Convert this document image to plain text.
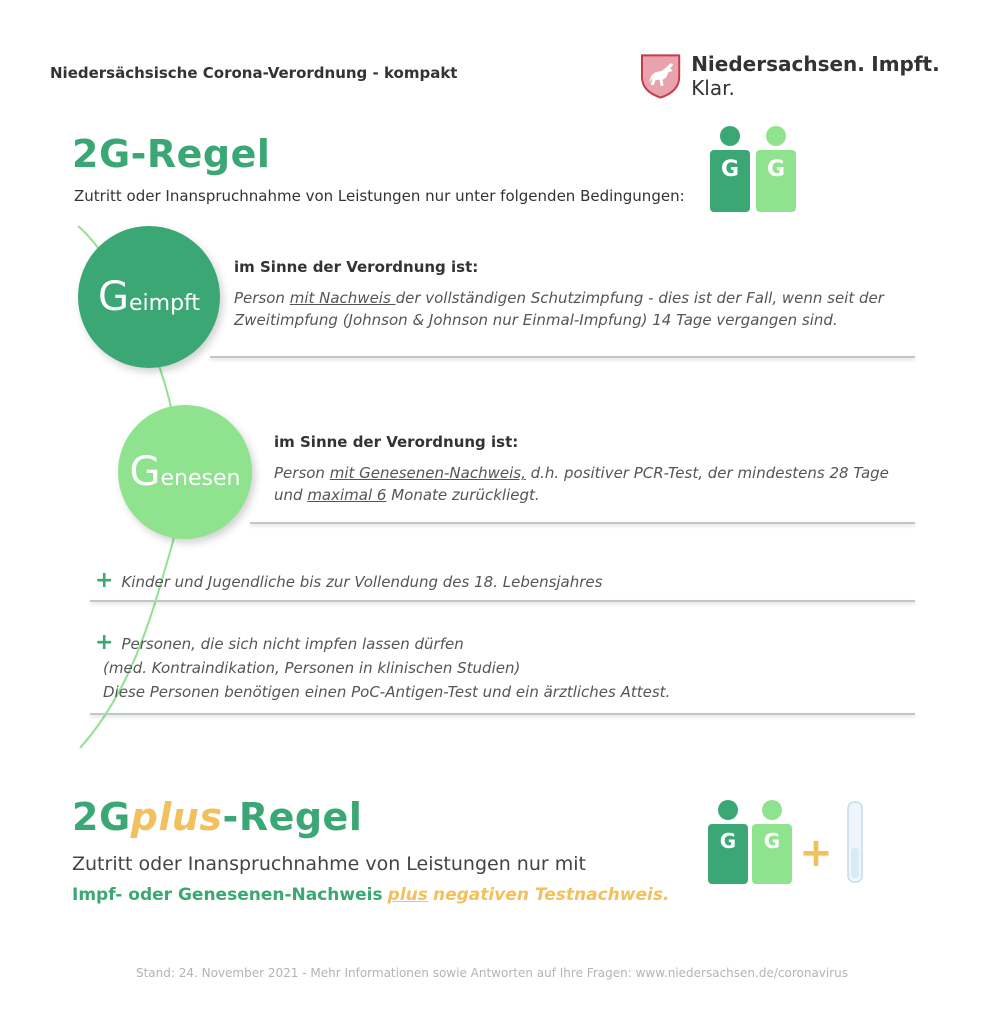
Niedersächsische Corona-Verordnung - kompakt	Niedersachsen. Impft. Klar.
2G-Regel
Zutritt oder Inanspruchnahme von Leistungen nur unter folgenden Bedingungen:
G G
G eimpft
im Sinne der Verordnung ist:
Person mit Nachweis der vollständigen Schutzimpfung - dies ist der Fall, wenn seit der Zweitimpfung (Johnson & Johnson nur Einmal-Impfung) 14 Tage vergangen sind.
G enesen
im Sinne der Verordnung ist:
Person mit Genesenen-Nachweis, d.h. positiver PCR-Test, der mindestens 28 Tage und maximal 6 Monate zurückliegt.
+ Kinder und Jugendliche bis zur Vollendung des 18. Lebensjahres
+ Personen, die sich nicht impfen lassen dürfen
(med. Kontraindikation, Personen in klinischen Studien)
Diese Personen benötigen einen PoC-Antigen-Test und ein ärztliches Attest.
2Gplus-Regel
Zutritt oder Inanspruchnahme von Leistungen nur mit
Impf- oder Genesenen-Nachweis plus negativen Testnachweis.
G G +
Stand: 24. November 2021 - Mehr Informationen sowie Antworten auf Ihre Fragen: www.niedersachsen.de/coronavirus
